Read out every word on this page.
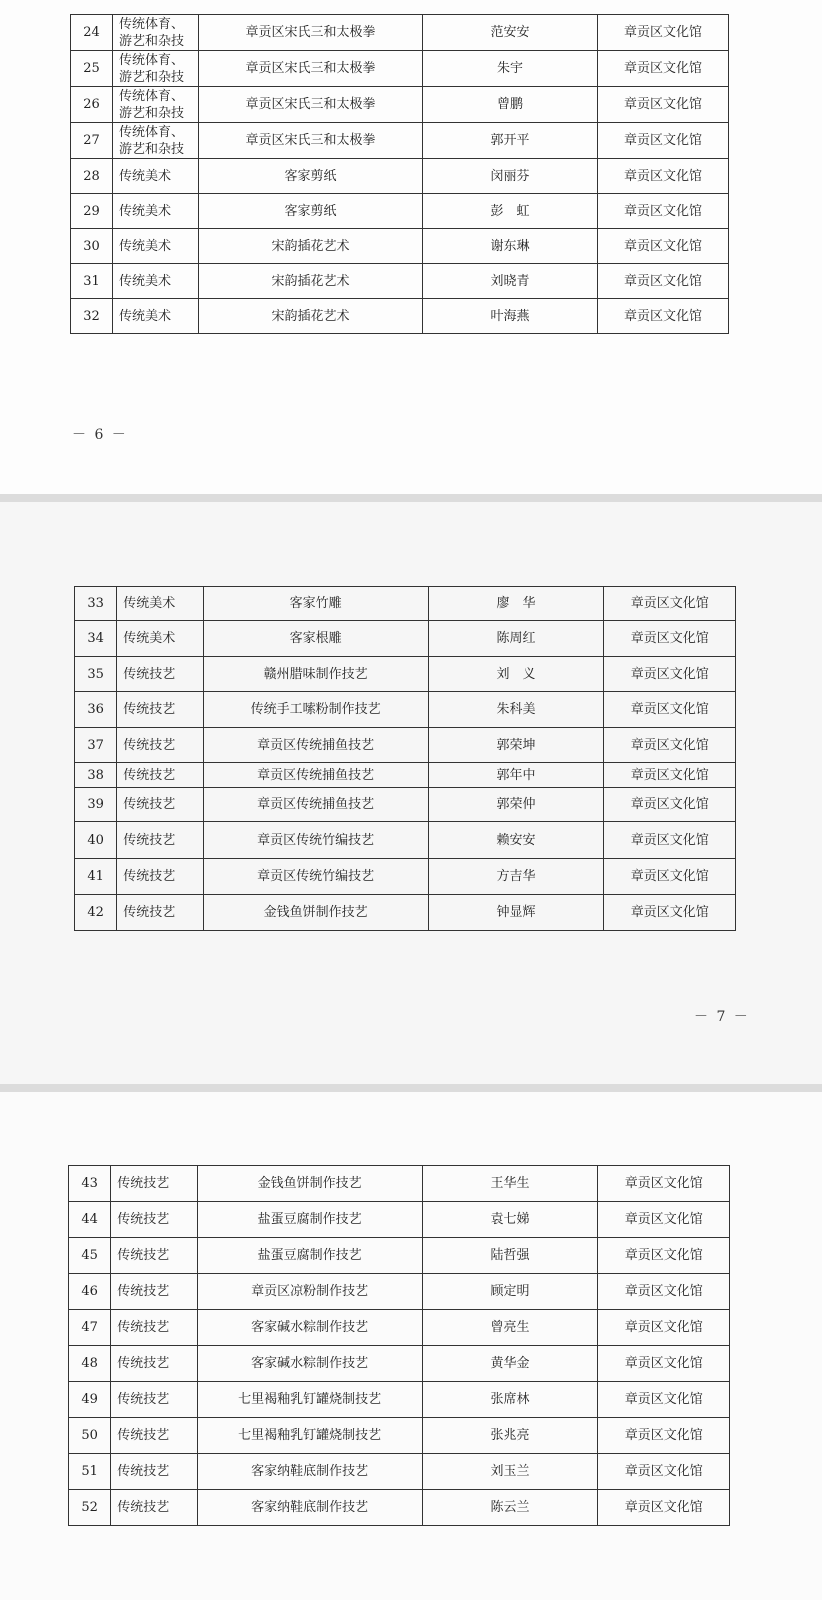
24	传统体育、游艺和杂技	章贡区宋氏三和太极拳	范安安	章贡区文化馆
25	传统体育、游艺和杂技	章贡区宋氏三和太极拳	朱宇	章贡区文化馆
26	传统体育、游艺和杂技	章贡区宋氏三和太极拳	曾鹏	章贡区文化馆
27	传统体育、游艺和杂技	章贡区宋氏三和太极拳	郭开平	章贡区文化馆
28	传统美术	客家剪纸	闵丽芬	章贡区文化馆
29	传统美术	客家剪纸	彭　虹	章贡区文化馆
30	传统美术	宋韵插花艺术	谢东琳	章贡区文化馆
31	传统美术	宋韵插花艺术	刘晓青	章贡区文化馆
32	传统美术	宋韵插花艺术	叶海燕	章贡区文化馆
－ 6 －
33	传统美术	客家竹雕	廖　华	章贡区文化馆
34	传统美术	客家根雕	陈周红	章贡区文化馆
35	传统技艺	赣州腊味制作技艺	刘　义	章贡区文化馆
36	传统技艺	传统手工嗦粉制作技艺	朱科美	章贡区文化馆
37	传统技艺	章贡区传统捕鱼技艺	郭荣坤	章贡区文化馆
38	传统技艺	章贡区传统捕鱼技艺	郭年中	章贡区文化馆
39	传统技艺	章贡区传统捕鱼技艺	郭荣仲	章贡区文化馆
40	传统技艺	章贡区传统竹编技艺	赖安安	章贡区文化馆
41	传统技艺	章贡区传统竹编技艺	方吉华	章贡区文化馆
42	传统技艺	金钱鱼饼制作技艺	钟显辉	章贡区文化馆
－ 7 －
43	传统技艺	金钱鱼饼制作技艺	王华生	章贡区文化馆
44	传统技艺	盐蛋豆腐制作技艺	袁七娣	章贡区文化馆
45	传统技艺	盐蛋豆腐制作技艺	陆哲强	章贡区文化馆
46	传统技艺	章贡区凉粉制作技艺	顾定明	章贡区文化馆
47	传统技艺	客家碱水粽制作技艺	曾亮生	章贡区文化馆
48	传统技艺	客家碱水粽制作技艺	黄华金	章贡区文化馆
49	传统技艺	七里褐釉乳钉罐烧制技艺	张席林	章贡区文化馆
50	传统技艺	七里褐釉乳钉罐烧制技艺	张兆亮	章贡区文化馆
51	传统技艺	客家纳鞋底制作技艺	刘玉兰	章贡区文化馆
52	传统技艺	客家纳鞋底制作技艺	陈云兰	章贡区文化馆
